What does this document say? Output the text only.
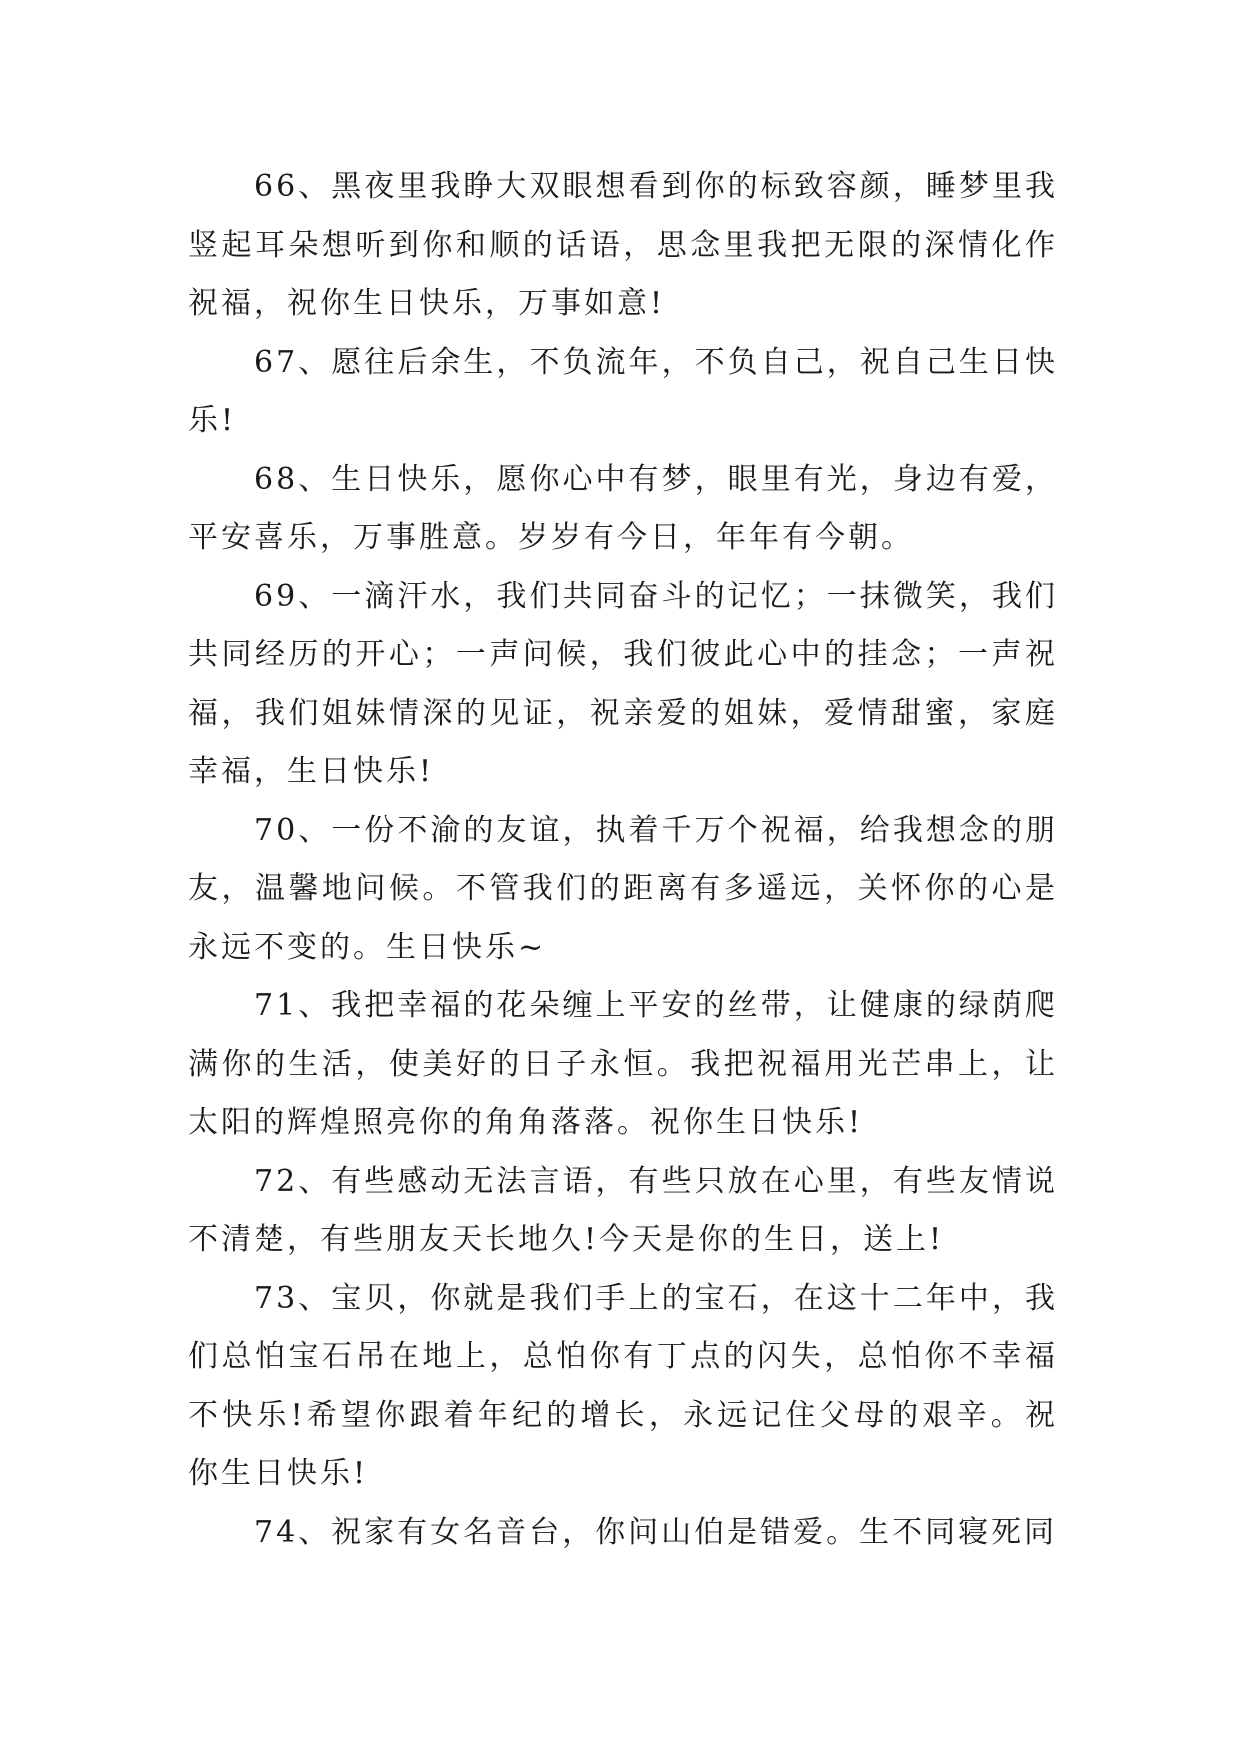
66、黑夜里我睁大双眼想看到你的标致容颜，睡梦里我竖起耳朵想听到你和顺的话语，思念里我把无限的深情化作祝福，祝你生日快乐，万事如意!

67、愿往后余生，不负流年，不负自己，祝自己生日快乐!

68、生日快乐，愿你心中有梦，眼里有光，身边有爱，平安喜乐，万事胜意。岁岁有今日，年年有今朝。

69、一滴汗水，我们共同奋斗的记忆；一抹微笑，我们共同经历的开心；一声问候，我们彼此心中的挂念；一声祝福，我们姐妹情深的见证，祝亲爱的姐妹，爱情甜蜜，家庭幸福，生日快乐!

70、一份不渝的友谊，执着千万个祝福，给我想念的朋友，温馨地问候。不管我们的距离有多遥远，关怀你的心是永远不变的。生日快乐~

71、我把幸福的花朵缠上平安的丝带，让健康的绿荫爬满你的生活，使美好的日子永恒。我把祝福用光芒串上，让太阳的辉煌照亮你的角角落落。祝你生日快乐!

72、有些感动无法言语，有些只放在心里，有些友情说不清楚，有些朋友天长地久!今天是你的生日，送上!

73、宝贝，你就是我们手上的宝石，在这十二年中，我们总怕宝石吊在地上，总怕你有丁点的闪失，总怕你不幸福不快乐!希望你跟着年纪的增长，永远记住父母的艰辛。祝你生日快乐!

74、祝家有女名音台，你问山伯是错爱。生不同寝死同
